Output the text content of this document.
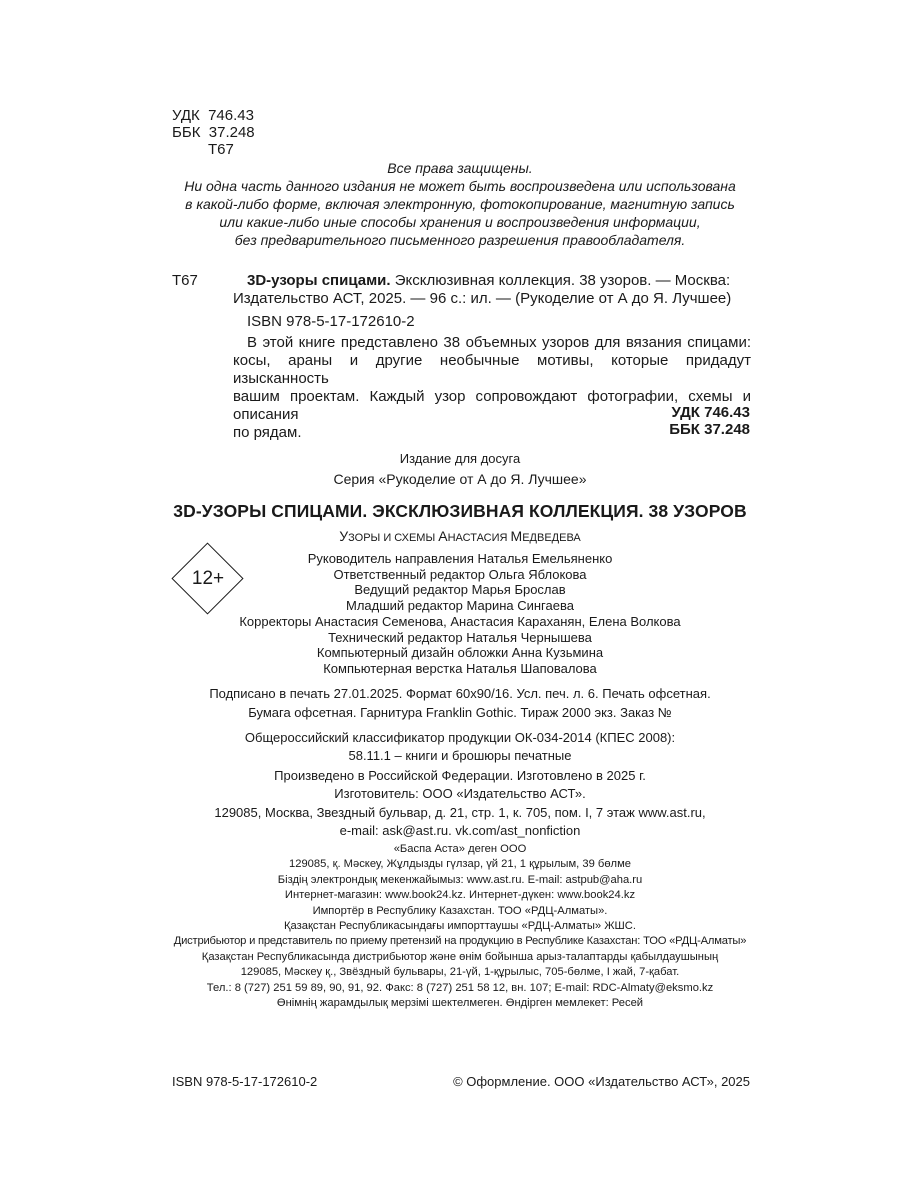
УДК  746.43
ББК  37.248
Т67
Все права защищены.
Ни одна часть данного издания не может быть воспроизведена или использована
в какой-либо форме, включая электронную, фотокопирование, магнитную запись
или какие-либо иные способы хранения и воспроизведения информации,
без предварительного письменного разрешения правообладателя.
Т67	3D-узоры спицами. Эксклюзивная коллекция. 38 узоров. — Москва:
Издательство АСТ, 2025. — 96 с.: ил. — (Рукоделие от А до Я. Лучшее)
ISBN 978-5-17-172610-2
В этой книге представлено 38 объемных узоров для вязания спицами:
косы, араны и другие необычные мотивы, которые придадут изысканность
вашим проектам. Каждый узор сопровождают фотографии, схемы и описания
по рядам.
УДК 746.43
ББК 37.248
Издание для досуга
Серия «Рукоделие от А до Я. Лучшее»
3D-УЗОРЫ СПИЦАМИ. ЭКСКЛЮЗИВНАЯ КОЛЛЕКЦИЯ. 38 УЗОРОВ
УЗОРЫ И СХЕМЫ АНАСТАСИЯ МЕДВЕДЕВА
12+
Руководитель направления Наталья Емельяненко
Ответственный редактор Ольга Яблокова
Ведущий редактор Марья Брослав
Младший редактор Марина Сингаева
Корректоры Анастасия Семенова, Анастасия Караханян, Елена Волкова
Технический редактор Наталья Чернышева
Компьютерный дизайн обложки Анна Кузьмина
Компьютерная верстка Наталья Шаповалова
Подписано в печать 27.01.2025. Формат 60х90/16. Усл. печ. л. 6. Печать офсетная.
Бумага офсетная. Гарнитура Franklin Gothic. Тираж 2000 экз. Заказ №
Общероссийский классификатор продукции ОК-034-2014 (КПЕС 2008):
58.11.1 – книги и брошюры печатные
Произведено в Российской Федерации. Изготовлено в 2025 г.
Изготовитель: ООО «Издательство АСТ».
129085, Москва, Звездный бульвар, д. 21, стр. 1, к. 705, пом. I, 7 этаж www.ast.ru,
e-mail: ask@ast.ru. vk.com/ast_nonfiction
«Баспа Аста» деген ООО
129085, қ. Мәскеу, Жұлдызды гүлзар, үй 21, 1 құрылым, 39 бөлме
Біздің электрондық мекенжайымыз: www.ast.ru. E-mail: astpub@aha.ru
Интернет-магазин: www.book24.kz. Интернет-дүкен: www.book24.kz
Импортёр в Республику Казахстан. ТОО «РДЦ-Алматы».
Қазақстан Республикасындағы импорттаушы «РДЦ-Алматы» ЖШС.
Дистрибьютор и представитель по приему претензий на продукцию в Республике Казахстан: ТОО «РДЦ-Алматы»
Қазақстан Республикасында дистрибьютор және өнім бойынша арыз-талаптарды қабылдаушының
129085, Мәскеу қ., Звёздный бульвары, 21-үй, 1-құрылыс, 705-бөлме, I жай, 7-қабат.
Тел.: 8 (727) 251 59 89, 90, 91, 92. Факс: 8 (727) 251 58 12, вн. 107; E-mail: RDC-Almaty@eksmo.kz
Өнімнің жарамдылық мерзімі шектелмеген. Өндірген мемлекет: Ресей
ISBN 978-5-17-172610-2	© Оформление. ООО «Издательство АСТ», 2025
